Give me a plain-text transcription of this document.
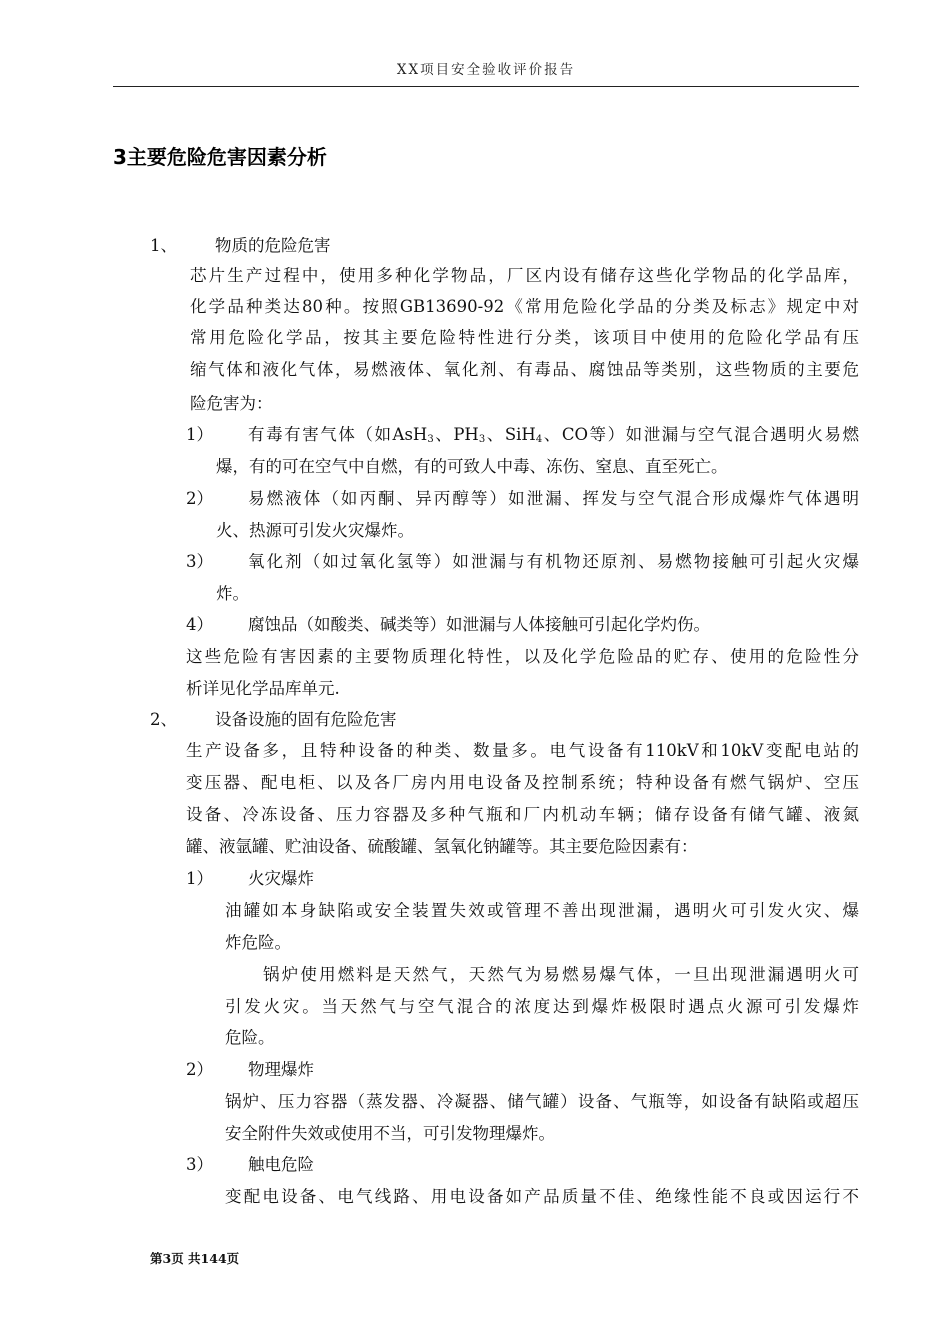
XX项目安全验收评价报告
3主要危险危害因素分析
1、 物质的危险危害
芯片生产过程中，使用多种化学物品，厂区内设有储存这些化学物品的化学品库，
化学品种类达80种。按照GB13690-92《常用危险化学品的分类及标志》规定中对
常用危险化学品，按其主要危险特性进行分类，该项目中使用的危险化学品有压
缩气体和液化气体，易燃液体、氧化剂、有毒品、腐蚀品等类别，这些物质的主要危
险危害为：
1） 有毒有害气体（如AsH$_3$、$PH_3$、SiH$_4$、CO等）如泄漏与空气混合遇明火易燃
爆，有的可在空气中自燃，有的可致人中毒、冻伤、窒息、直至死亡。
2） 易燃液体（如丙酮、异丙醇等）如泄漏、挥发与空气混合形成爆炸气体遇明
火、热源可引发火灾爆炸。
3） 氧化剂（如过氧化氢等）如泄漏与有机物还原剂、易燃物接触可引起火灾爆
炸。
4） 腐蚀品（如酸类、碱类等）如泄漏与人体接触可引起化学灼伤。
这些危险有害因素的主要物质理化特性，以及化学危险品的贮存、使用的危险性分
析详见化学品库单元.
2、 设备设施的固有危险危害
生产设备多，且特种设备的种类、数量多。电气设备有110kV和10kV变配电站的
变压器、配电柜、以及各厂房内用电设备及控制系统；特种设备有燃气锅炉、空压
设备、冷冻设备、压力容器及多种气瓶和厂内机动车辆；储存设备有储气罐、液氮
罐、液氩罐、贮油设备、硫酸罐、氢氧化钠罐等。其主要危险因素有：
1） 火灾爆炸
油罐如本身缺陷或安全装置失效或管理不善出现泄漏，遇明火可引发火灾、爆
炸危险。
锅炉使用燃料是天然气，天然气为易燃易爆气体，一旦出现泄漏遇明火可
引发火灾。当天然气与空气混合的浓度达到爆炸极限时遇点火源可引发爆炸
危险。
2） 物理爆炸
锅炉、压力容器（蒸发器、冷凝器、储气罐）设备、气瓶等，如设备有缺陷或超压
安全附件失效或使用不当，可引发物理爆炸。
3） 触电危险
变配电设备、电气线路、用电设备如产品质量不佳、绝缘性能不良或因运行不
第3页 共144页
